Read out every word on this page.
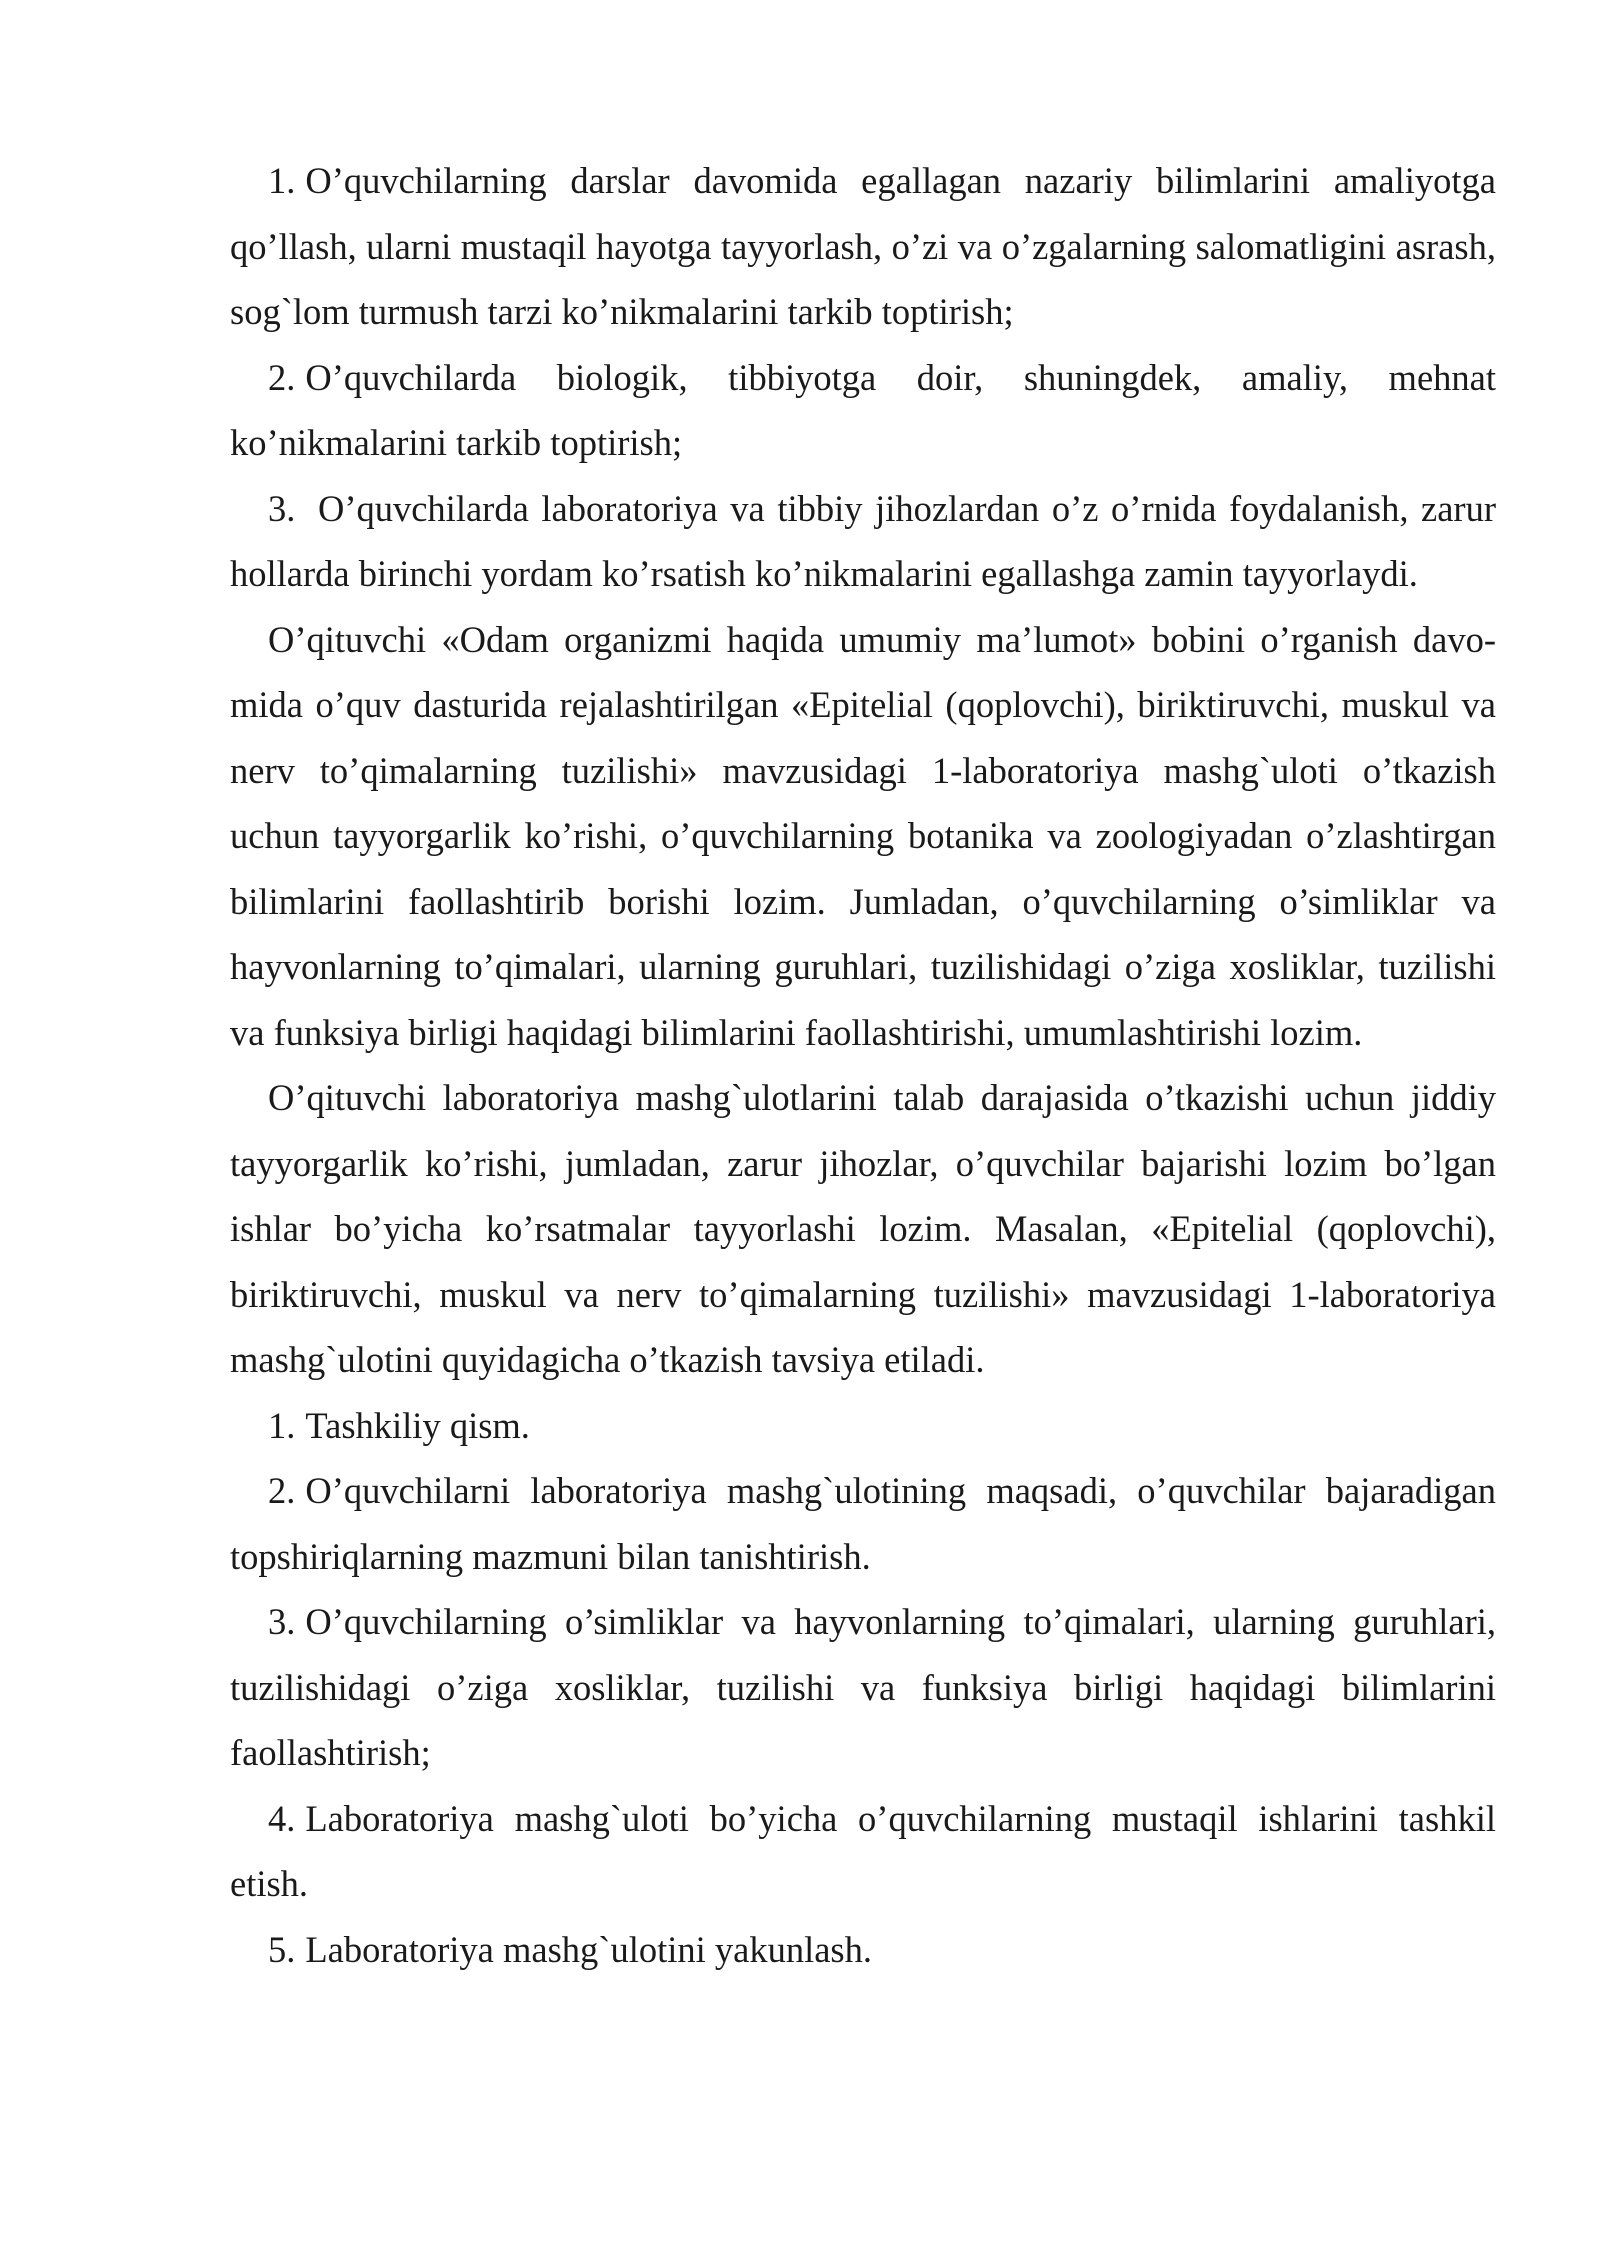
1. O’quvchilarning darslar davomida egallagan nazariy bilimlarini amaliyotga qo’llash, ularni mustaqil hayotga tayyorlash, o’zi va o’zgalarning salomatligini asrash, sog`lom turmush tarzi ko’nikmalarini tarkib toptirish;

2. O’quvchilarda biologik, tibbiyotga doir, shuningdek, amaliy, mehnat ko’nikmalarini tarkib toptirish;

3. O’quvchilarda laboratoriya va tibbiy jihozlardan o’z o’rnida foydalanish, zarur hollarda birinchi yordam ko’rsatish ko’nikmalarini egallashga zamin tayyorlaydi.

O’qituvchi «Odam organizmi haqida umumiy ma’lumot» bobini o’rganish davomida o’quv dasturida rejalashtirilgan «Epitelial (qoplovchi), biriktiruvchi, muskul va nerv to’qimalarning tuzilishi» mavzusidagi 1-laboratoriya mashg`uloti o’tkazish uchun tayyorgarlik ko’rishi, o’quvchilarning botanika va zoologiyadan o’zlashtirgan bilimlarini faollashtirib borishi lozim. Jumladan, o’quvchilarning o’simliklar va hayvonlarning to’qimalari, ularning guruhlari, tuzilishidagi o’ziga xosliklar, tuzilishi va funksiya birligi haqidagi bilimlarini faollashtirishi, umumlashtirishi lozim.

O’qituvchi laboratoriya mashg`ulotlarini talab darajasida o’tkazishi uchun jiddiy tayyorgarlik ko’rishi, jumladan, zarur jihozlar, o’quvchilar bajarishi lozim bo’lgan ishlar bo’yicha ko’rsatmalar tayyorlashi lozim. Masalan, «Epitelial (qoplovchi), biriktiruvchi, muskul va nerv to’qimalarning tuzilishi» mavzusidagi 1-laboratoriya mashg`ulotini quyidagicha o’tkazish tavsiya etiladi.

1. Tashkiliy qism.

2. O’quvchilarni laboratoriya mashg`ulotining maqsadi, o’quvchilar bajaradigan topshiriqlarning mazmuni bilan tanishtirish.

3. O’quvchilarning o’simliklar va hayvonlarning to’qimalari, ularning guruhlari, tuzilishidagi o’ziga xosliklar, tuzilishi va funksiya birligi haqidagi bilimlarini faollashtirish;

4. Laboratoriya mashg`uloti bo’yicha o’quvchilarning mustaqil ishlarini tashkil etish.

5. Laboratoriya mashg`ulotini yakunlash.
